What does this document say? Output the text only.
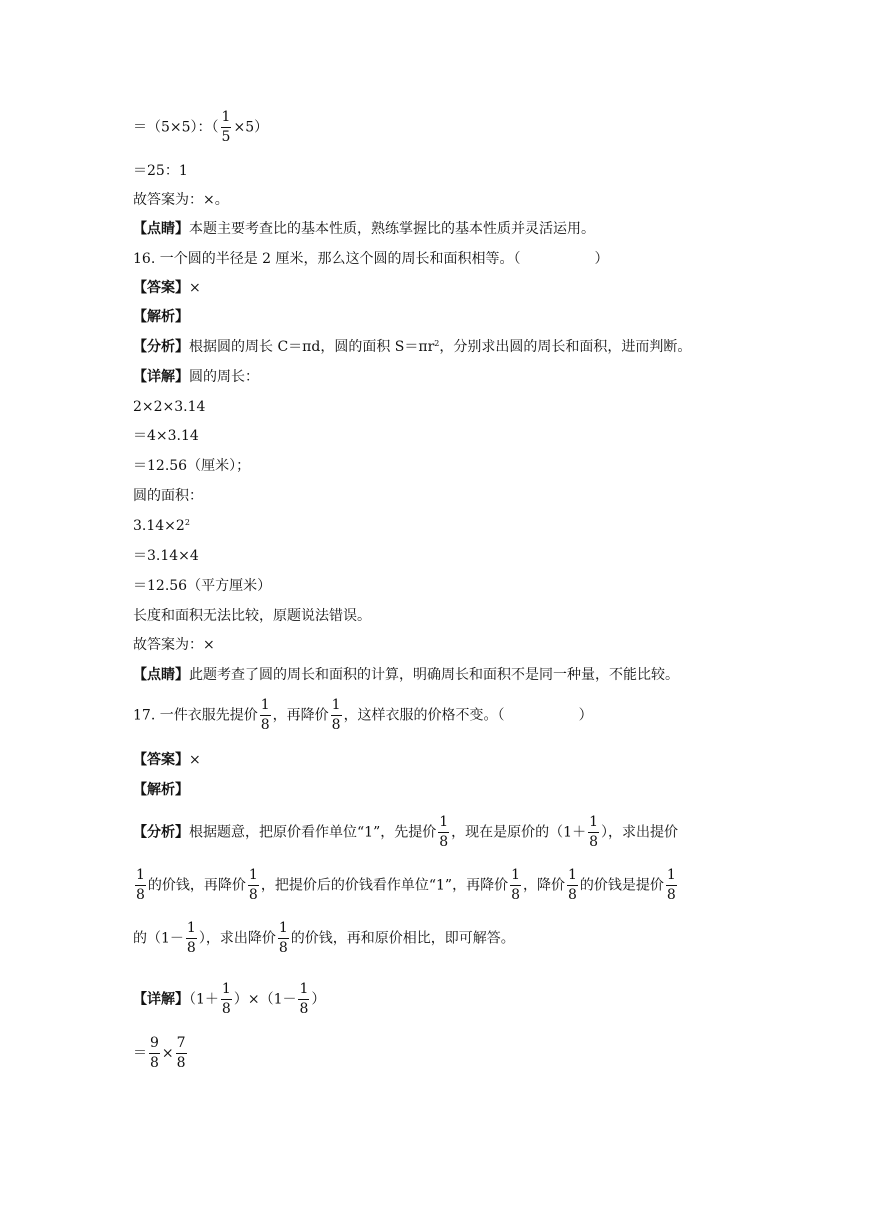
＝（5×5）：（ $\frac{1}{5} \times 5$）
＝25：1
故答案为：×。
【点睛】本题主要考查比的基本性质，熟练掌握比的基本性质并灵活运用。
16. 一个圆的半径是 2 厘米，那么这个圆的周长和面积相等。（	）
【答案】×
【解析】
【分析】根据圆的周长 C＝πd，圆的面积 $S=\pi r^2$，分别求出圆的周长和面积，进而判断。
【详解】圆的周长：
2×2×3.14
＝4×3.14
＝12.56（厘米）；
圆的面积：
$3.14\times 2^2$
＝3.14×4
＝12.56（平方厘米）
长度和面积无法比较，原题说法错误。
故答案为：×
【点睛】此题考查了圆的周长和面积的计算，明确周长和面积不是同一种量，不能比较。
17. 一件衣服先提价 $\frac{1}{8}$ ，再降价 $\frac{1}{8}$ ，这样衣服的价格不变。（	）
【答案】×
【解析】
【分析】根据题意，把原价看作单位“1”，先提价 $\frac{1}{8}$ ，现在是原价的（$1+ \frac{1}{8}$ ），求出提价
$\frac{1}{8}$ 的价钱，再降价 $\frac{1}{8}$ ，把提价后的价钱看作单位“1”，再降价 $\frac{1}{8}$ ，降价 $\frac{1}{8}$ 的价钱是提价 $\frac{1}{8}$
的（$1- \frac{1}{8}$ ），求出降价 $\frac{1}{8}$ 的价钱，再和原价相比，即可解答。
【详解】$(1+ \frac{1}{8} )\times(1- \frac{1}{8}$ ）
＝ $\frac{9}{8} \times \frac{7}{8}$
